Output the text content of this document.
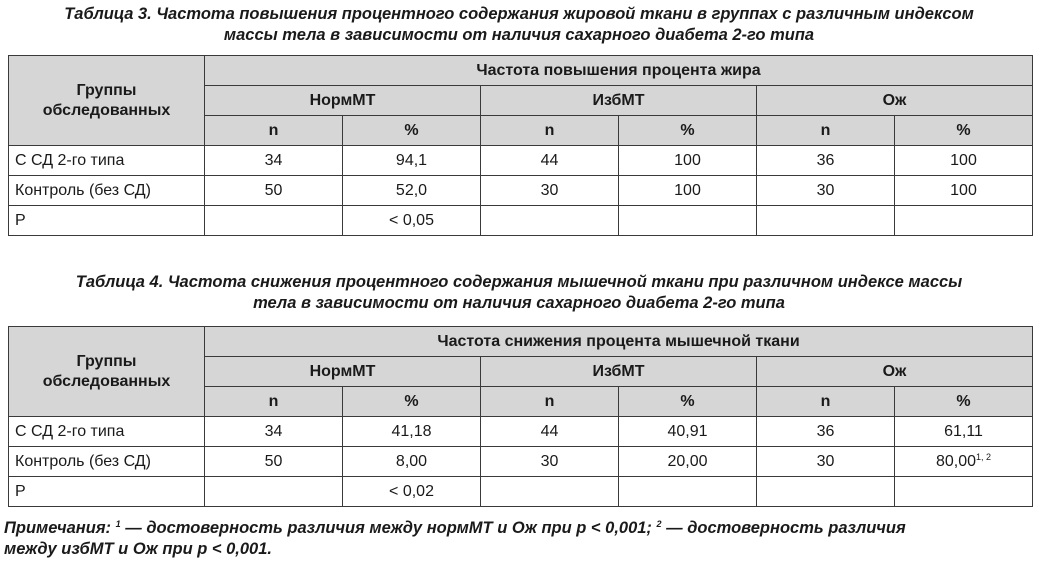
Таблица 3. Частота повышения процентного содержания жировой ткани в группах с различным индексом
массы тела в зависимости от наличия сахарного диабета 2-го типа
Группы
обследованных	Частота повышения процента жира					
	НормМТ		ИзбМТ		Ож	
	n	%	n	%	n	%
С СД 2-го типа	34	94,1	44	100	36	100
Контроль (без СД)	50	52,0	30	100	30	100
P		< 0,05				
Таблица 4. Частота снижения процентного содержания мышечной ткани при различном индексе массы
тела в зависимости от наличия сахарного диабета 2-го типа
Группы
обследованных	Частота снижения процента мышечной ткани					
	НормМТ		ИзбМТ		Ож	
	n	%	n	%	n	%
С СД 2-го типа	34	41,18	44	40,91	36	61,11
Контроль (без СД)	50	8,00	30	20,00	30	80,00$^{1, 2}$
P		< 0,02				
Примечания: $^1$ — достоверность различия между нормМТ и Ож при р < 0,001; $^2$ — достоверность различия
между избМТ и Ож при р < 0,001.
